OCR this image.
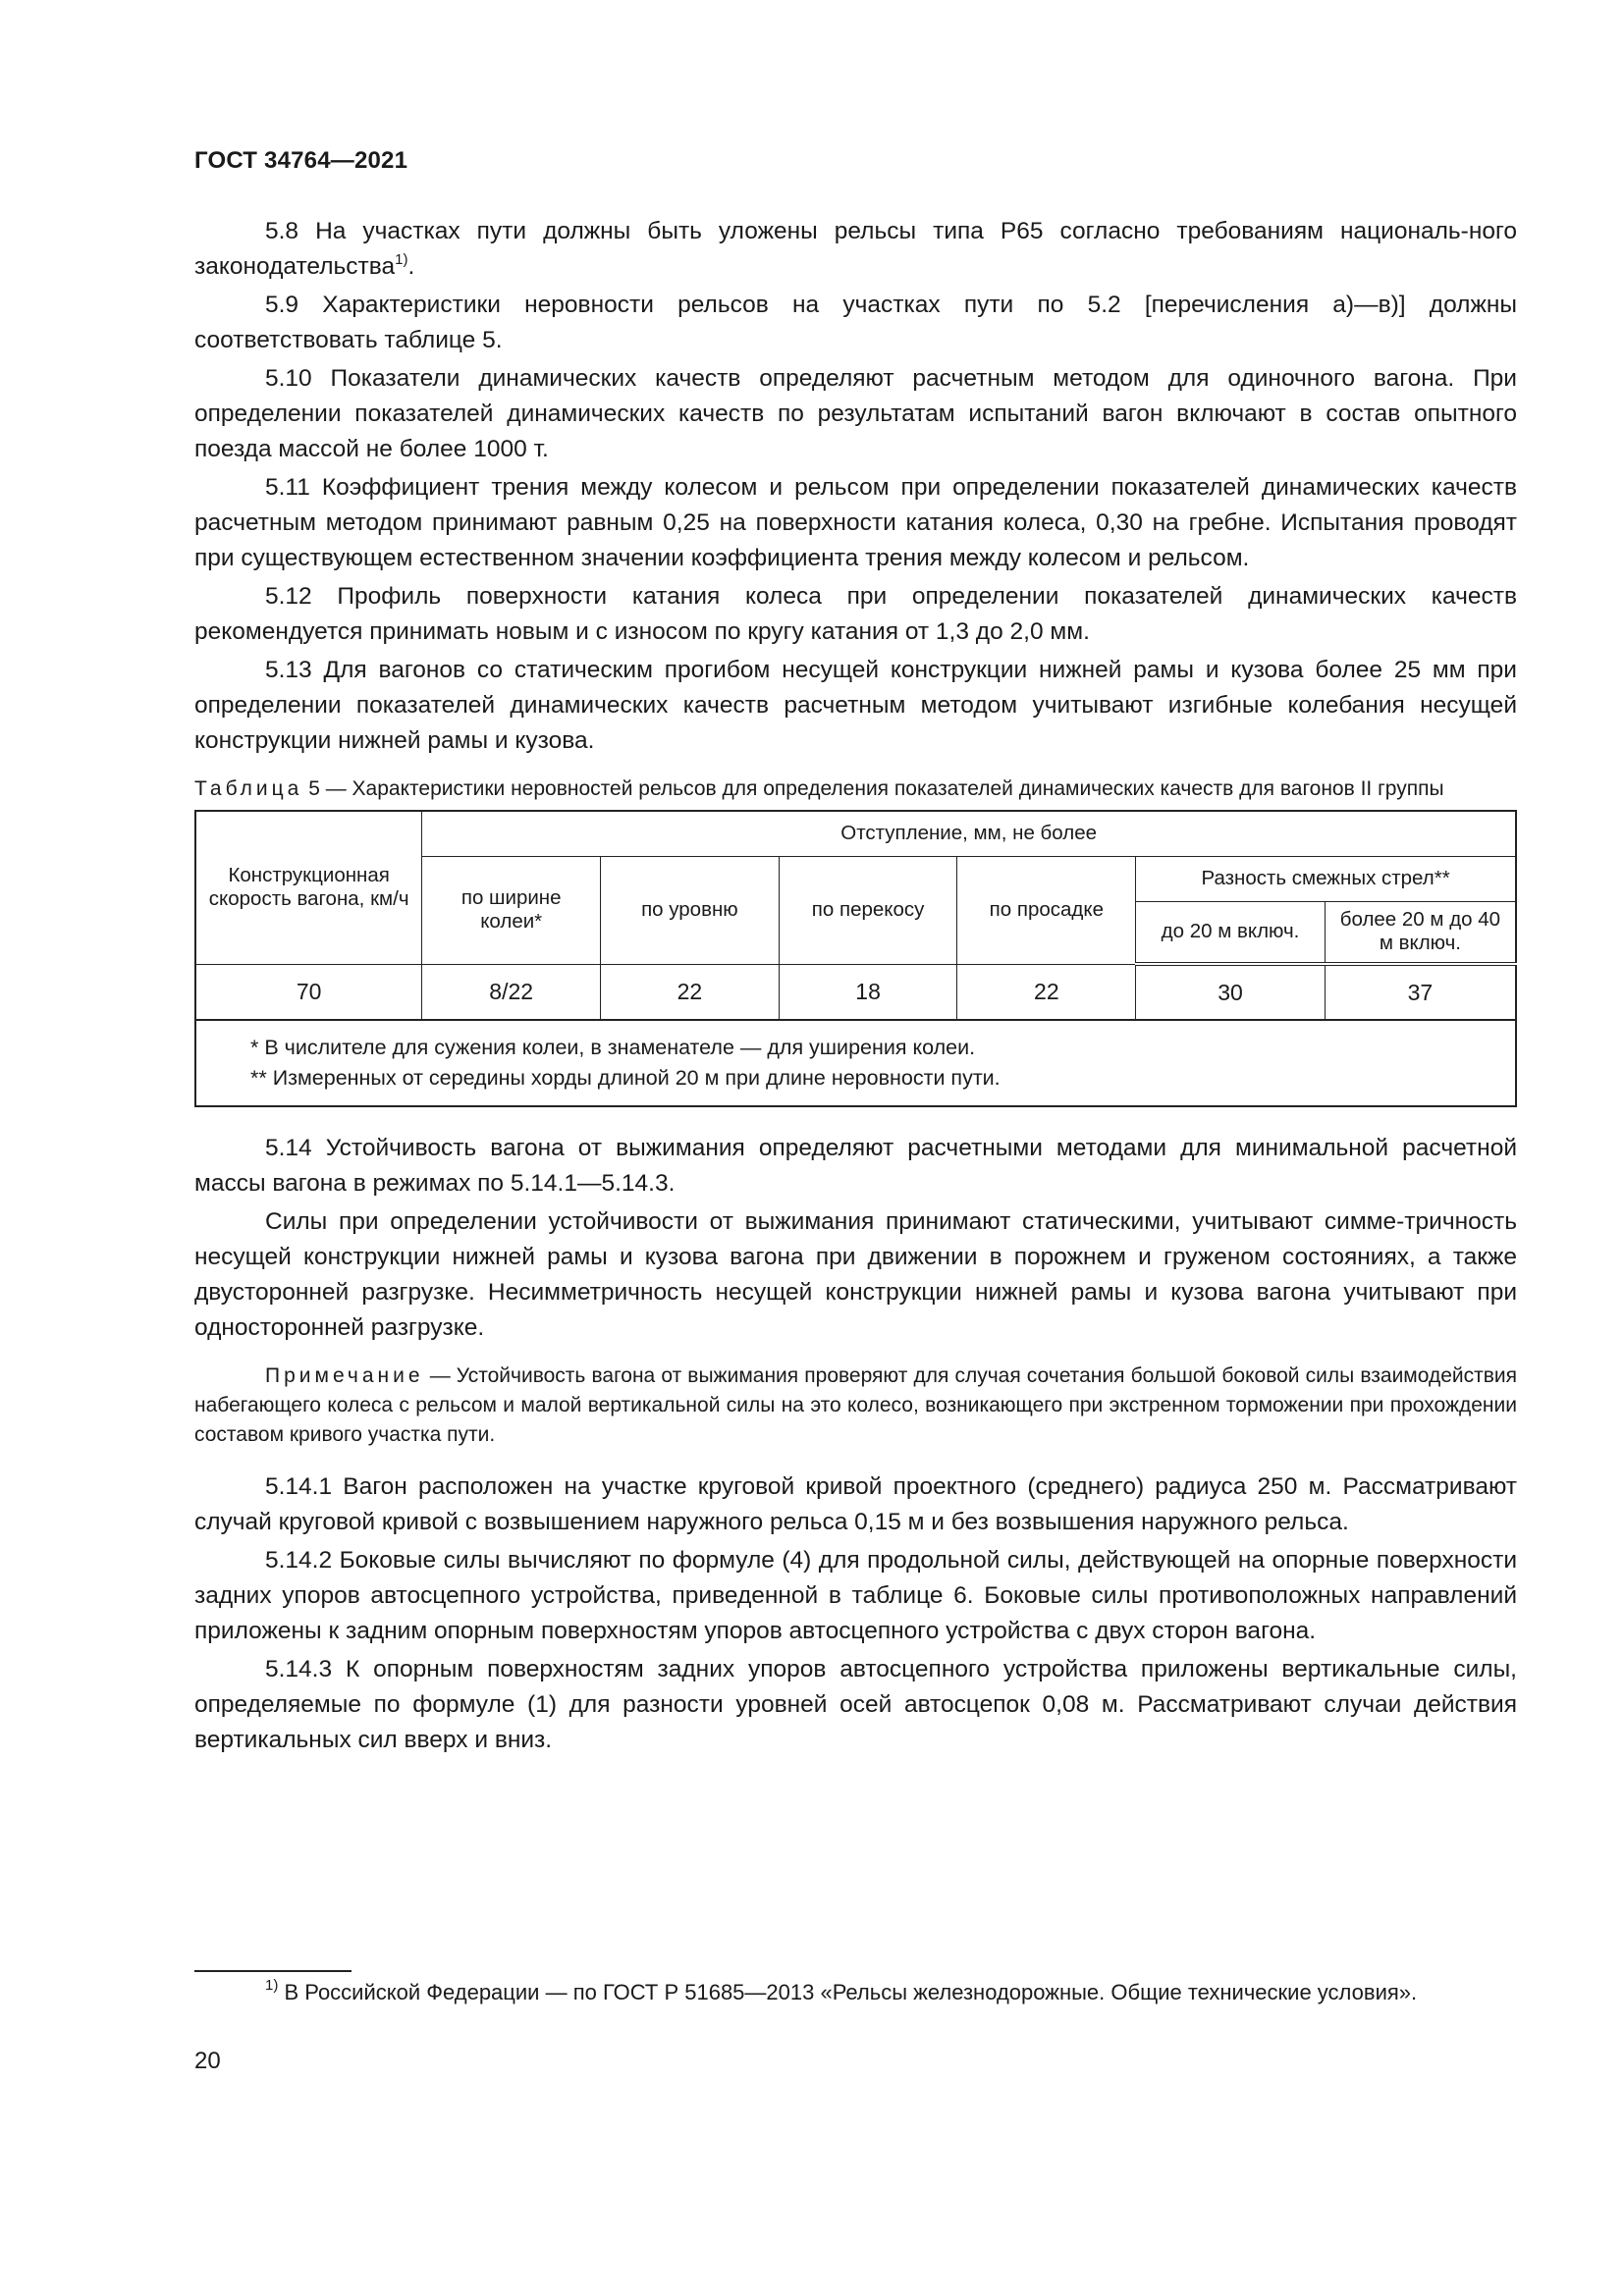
ГОСТ 34764—2021

5.8 На участках пути должны быть уложены рельсы типа Р65 согласно требованиям националь-ного законодательства$^{1)}$.

5.9 Характеристики неровности рельсов на участках пути по 5.2 [перечисления а)—в)] должны соответствовать таблице 5.

5.10 Показатели динамических качеств определяют расчетным методом для одиночного вагона. При определении показателей динамических качеств по результатам испытаний вагон включают в состав опытного поезда массой не более 1000 т.

5.11 Коэффициент трения между колесом и рельсом при определении показателей динамических качеств расчетным методом принимают равным 0,25 на поверхности катания колеса, 0,30 на гребне. Испытания проводят при существующем естественном значении коэффициента трения между колесом и рельсом.

5.12 Профиль поверхности катания колеса при определении показателей динамических качеств рекомендуется принимать новым и с износом по кругу катания от 1,3 до 2,0 мм.

5.13 Для вагонов со статическим прогибом несущей конструкции нижней рамы и кузова более 25 мм при определении показателей динамических качеств расчетным методом учитывают изгибные колебания несущей конструкции нижней рамы и кузова.

Таблица 5 — Характеристики неровностей рельсов для определения показателей динамических качеств для вагонов II группы
Конструкционная скорость вагона, км/ч	Отступление, мм, не более					
	по ширине колеи*	по уровню	по перекосу	по просадке	Разность смежных стрел**	
					до 20 м включ.	более 20 м до 40 м включ.
70	8/22	22	18	22	30	37

* В числителе для сужения колеи, в знаменателе — для уширения колеи.
** Измеренных от середины хорды длиной 20 м при длине неровности пути.						

5.14 Устойчивость вагона от выжимания определяют расчетными методами для минимальной расчетной массы вагона в режимах по 5.14.1—5.14.3.

Силы при определении устойчивости от выжимания принимают статическими, учитывают симме-тричность несущей конструкции нижней рамы и кузова вагона при движении в порожнем и груженом состояниях, а также двусторонней разгрузке. Несимметричность несущей конструкции нижней рамы и кузова вагона учитывают при односторонней разгрузке.

Примечание — Устойчивость вагона от выжимания проверяют для случая сочетания большой боковой силы взаимодействия набегающего колеса с рельсом и малой вертикальной силы на это колесо, возникающего при экстренном торможении при прохождении составом кривого участка пути.

5.14.1 Вагон расположен на участке круговой кривой проектного (среднего) радиуса 250 м. Рассматривают случай круговой кривой с возвышением наружного рельса 0,15 м и без возвышения наружного рельса.

5.14.2 Боковые силы вычисляют по формуле (4) для продольной силы, действующей на опорные поверхности задних упоров автосцепного устройства, приведенной в таблице 6. Боковые силы противоположных направлений приложены к задним опорным поверхностям упоров автосцепного устройства с двух сторон вагона.

5.14.3 К опорным поверхностям задних упоров автосцепного устройства приложены вертикальные силы, определяемые по формуле (1) для разности уровней осей автосцепок 0,08 м. Рассматривают случаи действия вертикальных сил вверх и вниз.

$^{1)}$ В Российской Федерации — по ГОСТ Р 51685—2013 «Рельсы железнодорожные. Общие технические условия».
20
